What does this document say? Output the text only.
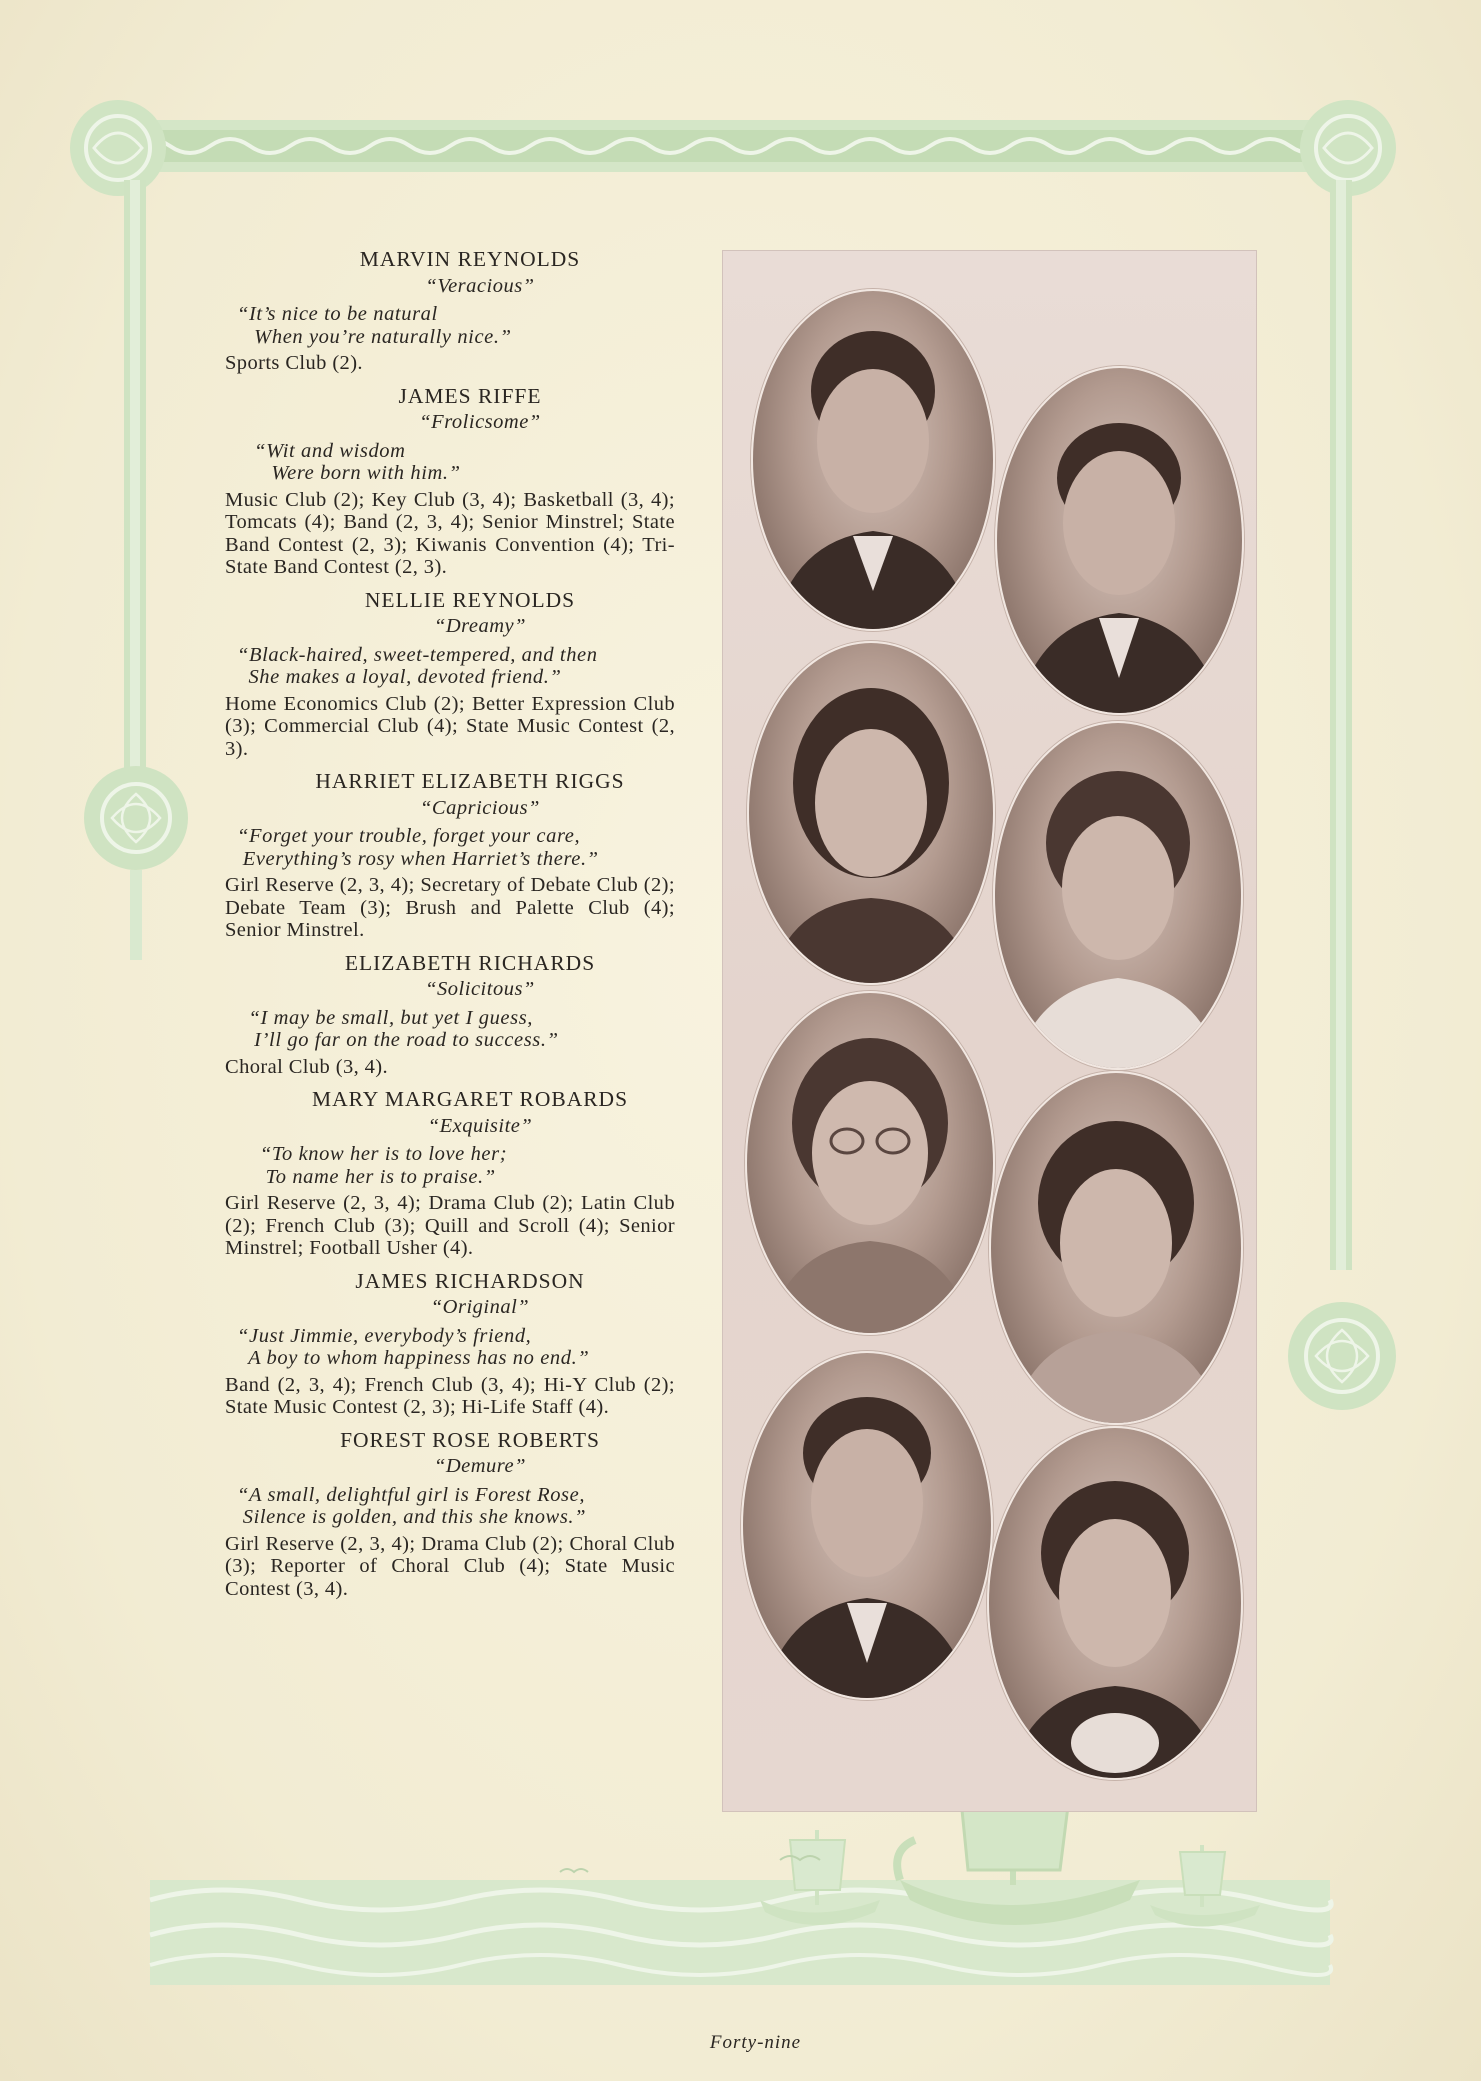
MARVIN REYNOLDS
“Veracious”
“It’s nice to be natural
When you’re naturally nice.”
Sports Club (2).
JAMES RIFFE
“Frolicsome”
“Wit and wisdom
Were born with him.”
Music Club (2); Key Club (3, 4); Basketball (3, 4); Tomcats (4); Band (2, 3, 4); Senior Minstrel; State Band Contest (2, 3); Kiwanis Convention (4); Tri-State Band Contest (2, 3).
NELLIE REYNOLDS
“Dreamy”
“Black-haired, sweet-tempered, and then
She makes a loyal, devoted friend.”
Home Economics Club (2); Better Expression Club (3); Commercial Club (4); State Music Contest (2, 3).
HARRIET ELIZABETH RIGGS
“Capricious”
“Forget your trouble, forget your care,
Everything’s rosy when Harriet’s there.”
Girl Reserve (2, 3, 4); Secretary of Debate Club (2); Debate Team (3); Brush and Palette Club (4); Senior Minstrel.
ELIZABETH RICHARDS
“Solicitous”
“I may be small, but yet I guess,
I’ll go far on the road to success.”
Choral Club (3, 4).
MARY MARGARET ROBARDS
“Exquisite”
“To know her is to love her;
To name her is to praise.”
Girl Reserve (2, 3, 4); Drama Club (2); Latin Club (2); French Club (3); Quill and Scroll (4); Senior Minstrel; Football Usher (4).
JAMES RICHARDSON
“Original”
“Just Jimmie, everybody’s friend,
A boy to whom happiness has no end.”
Band (2, 3, 4); French Club (3, 4); Hi-Y Club (2); State Music Contest (2, 3); Hi-Life Staff (4).
FOREST ROSE ROBERTS
“Demure”
“A small, delightful girl is Forest Rose,
Silence is golden, and this she knows.”
Girl Reserve (2, 3, 4); Drama Club (2); Choral Club (3); Reporter of Choral Club (4); State Music Contest (3, 4).
Forty-nine
